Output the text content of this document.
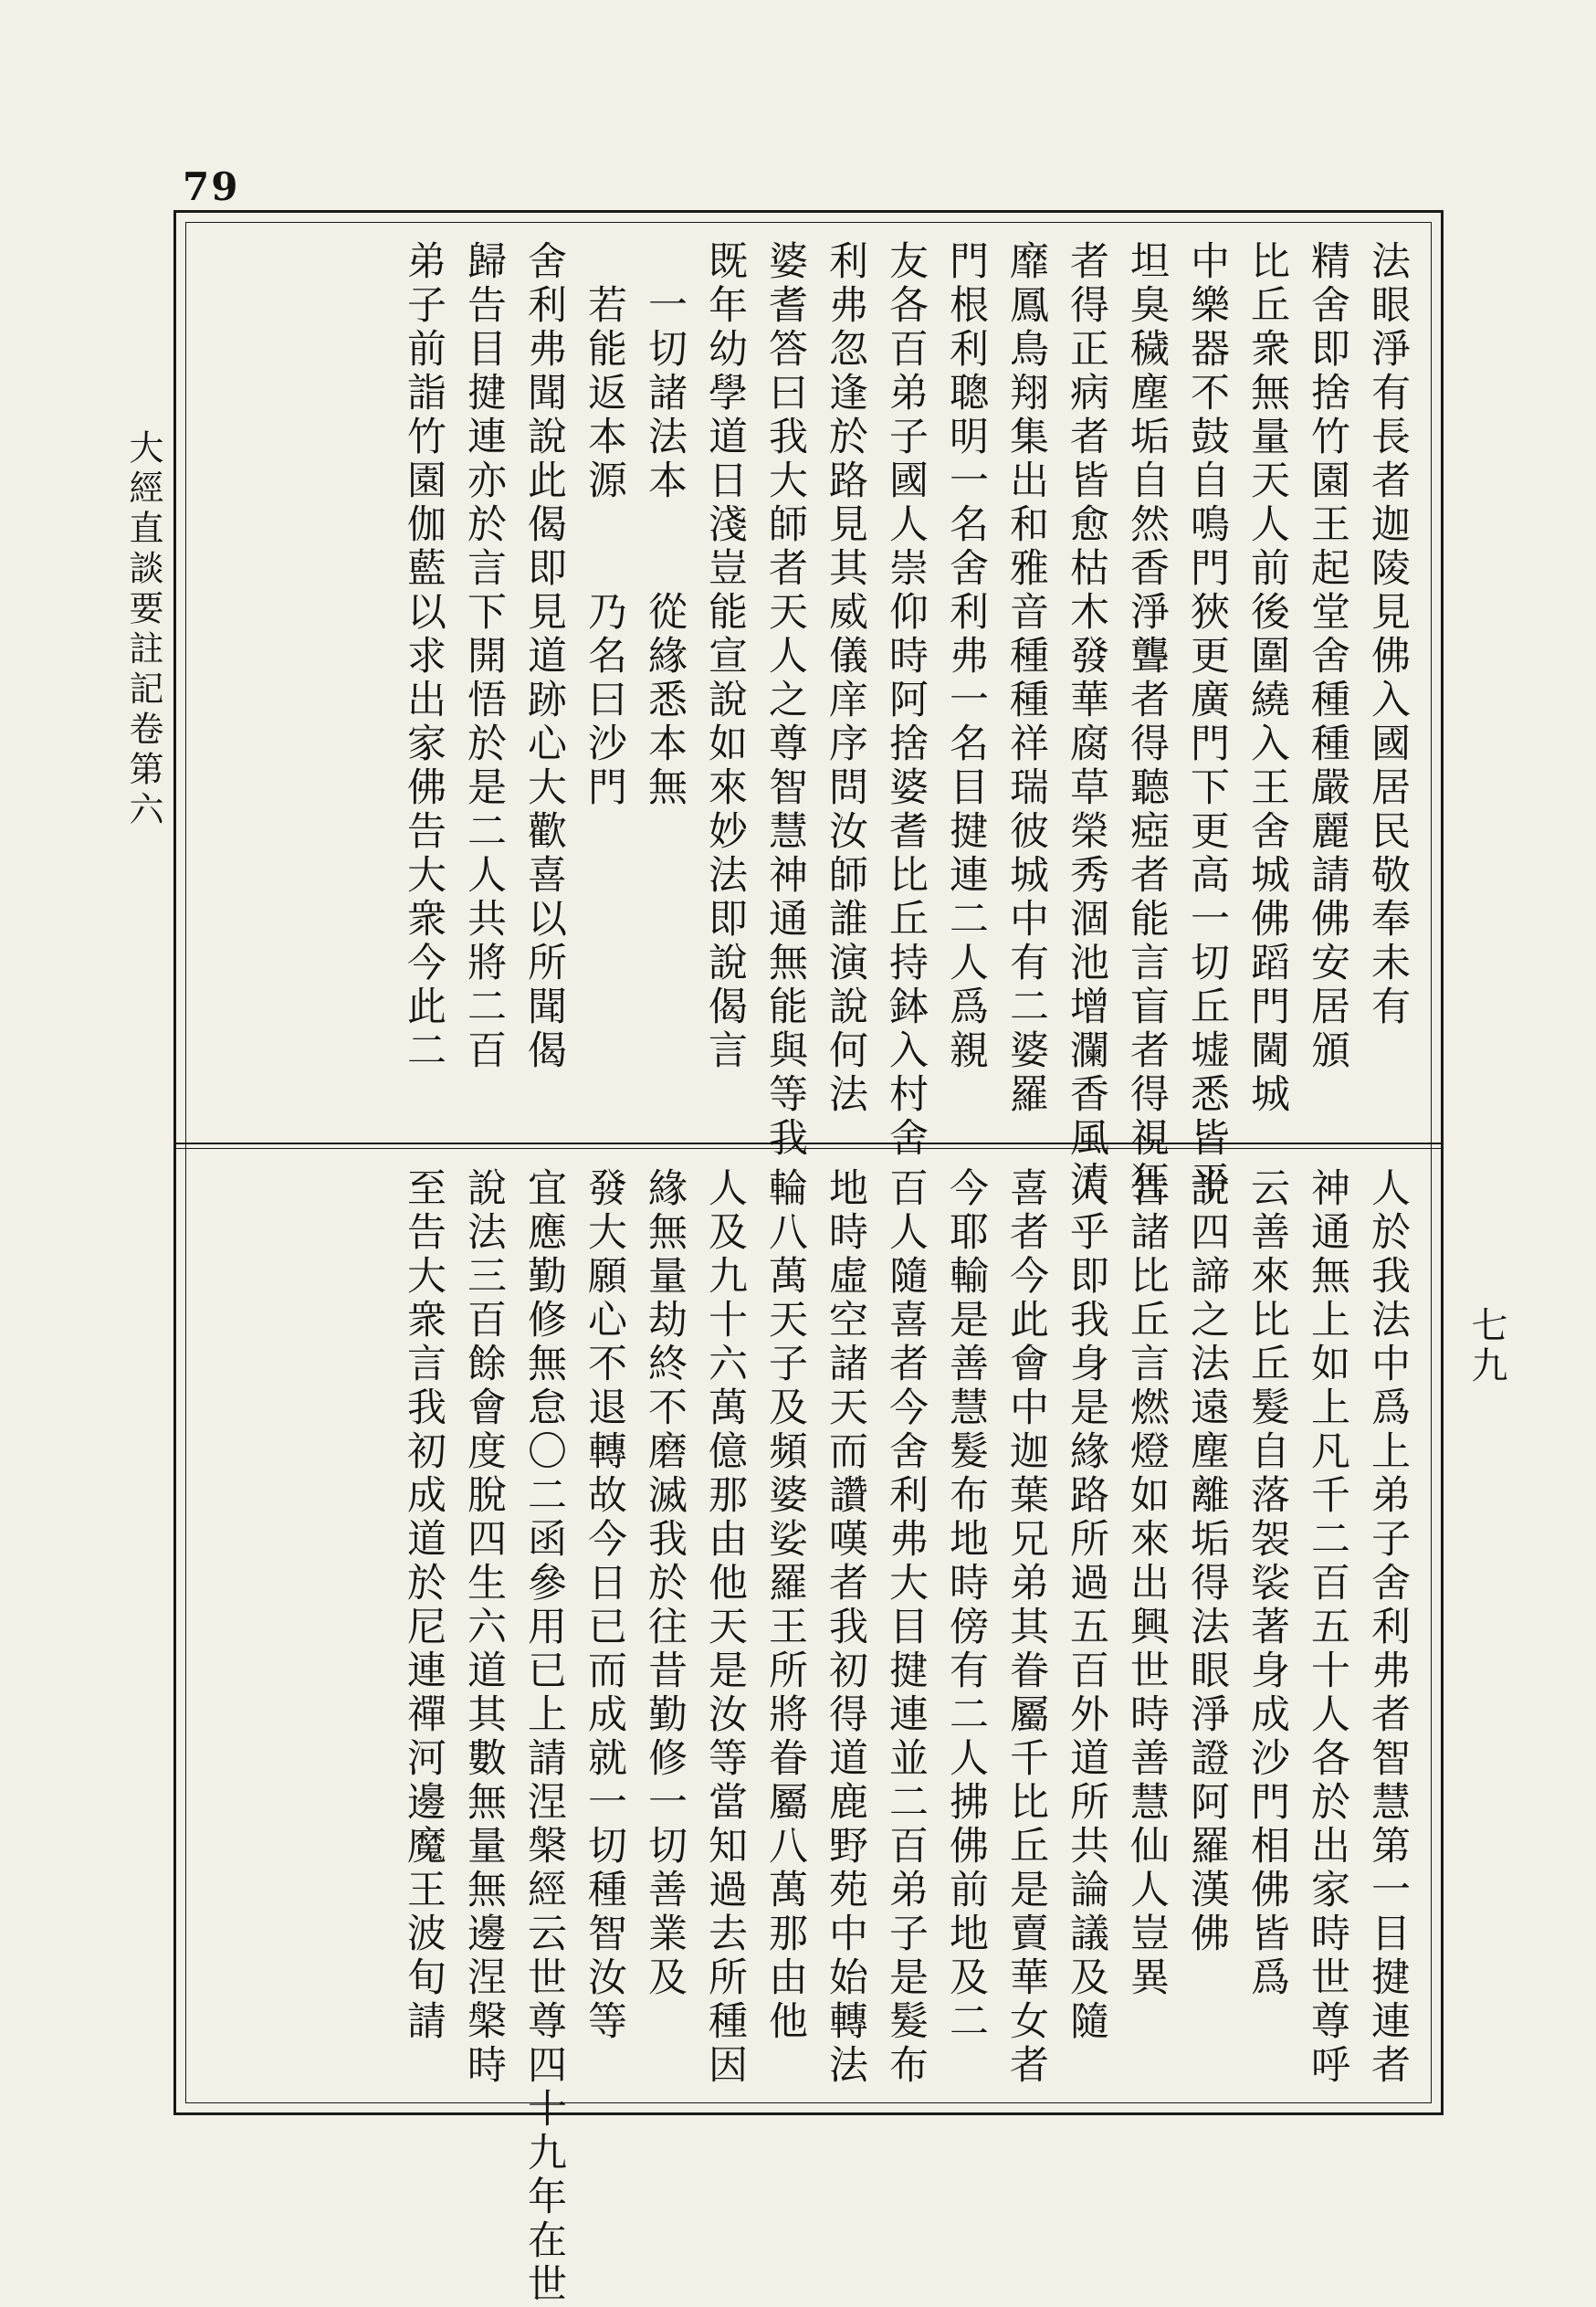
79
大經直談要註記卷第六
七九
法眼淨有長者迦陵見佛入國居民敬奉未有
精舍即捨竹園王起堂舍種種嚴麗請佛安居頒
比丘衆無量天人前後圍繞入王舍城佛蹈門閫城
中樂器不鼓自鳴門狹更廣門下更高一切丘墟悉皆平
坦臭穢塵垢自然香淨聾者得聽瘂者能言盲者得視狂
者得正病者皆愈枯木發華腐草榮秀涸池增瀾香風清
靡鳳鳥翔集出和雅音種種祥瑞彼城中有二婆羅
門根利聰明一名舍利弗一名目揵連二人爲親
友各百弟子國人崇仰時阿捨婆耆比丘持鉢入村舍
利弗忽逢於路見其威儀庠序問汝師誰演說何法
婆耆答曰我大師者天人之尊智慧神通無能與等我
既年幼學道日淺豈能宣說如來妙法即說偈言
一切諸法本　　從緣悉本無
若能返本源　　乃名曰沙門
舍利弗聞說此偈即見道跡心大歡喜以所聞偈
歸告目揵連亦於言下開悟於是二人共將二百
弟子前詣竹園伽藍以求出家佛告大衆今此二
人於我法中爲上弟子舍利弗者智慧第一目揵連者
神通無上如上凡千二百五十人各於出家時世尊呼
云善來比丘髮自落袈裟著身成沙門相佛皆爲
說四諦之法遠塵離垢得法眼淨證阿羅漢佛
告諸比丘言燃燈如來出興世時善慧仙人豈異
人乎即我身是緣路所過五百外道所共論議及隨
喜者今此會中迦葉兄弟其眷屬千比丘是賣華女者
今耶輸是善慧髮布地時傍有二人拂佛前地及二
百人隨喜者今舍利弗大目揵連並二百弟子是髮布
地時虛空諸天而讚嘆者我初得道鹿野苑中始轉法
輪八萬天子及頻婆娑羅王所將眷屬八萬那由他
人及九十六萬億那由他天是汝等當知過去所種因
緣無量劫終不磨滅我於往昔勤修一切善業及
發大願心不退轉故今日已而成就一切種智汝等
宜應勤修無怠〇二函參用已上請涅槃經云世尊四十九年在世
說法三百餘會度脫四生六道其數無量無邊涅槃時
至告大衆言我初成道於尼連禪河邊魔王波旬請
